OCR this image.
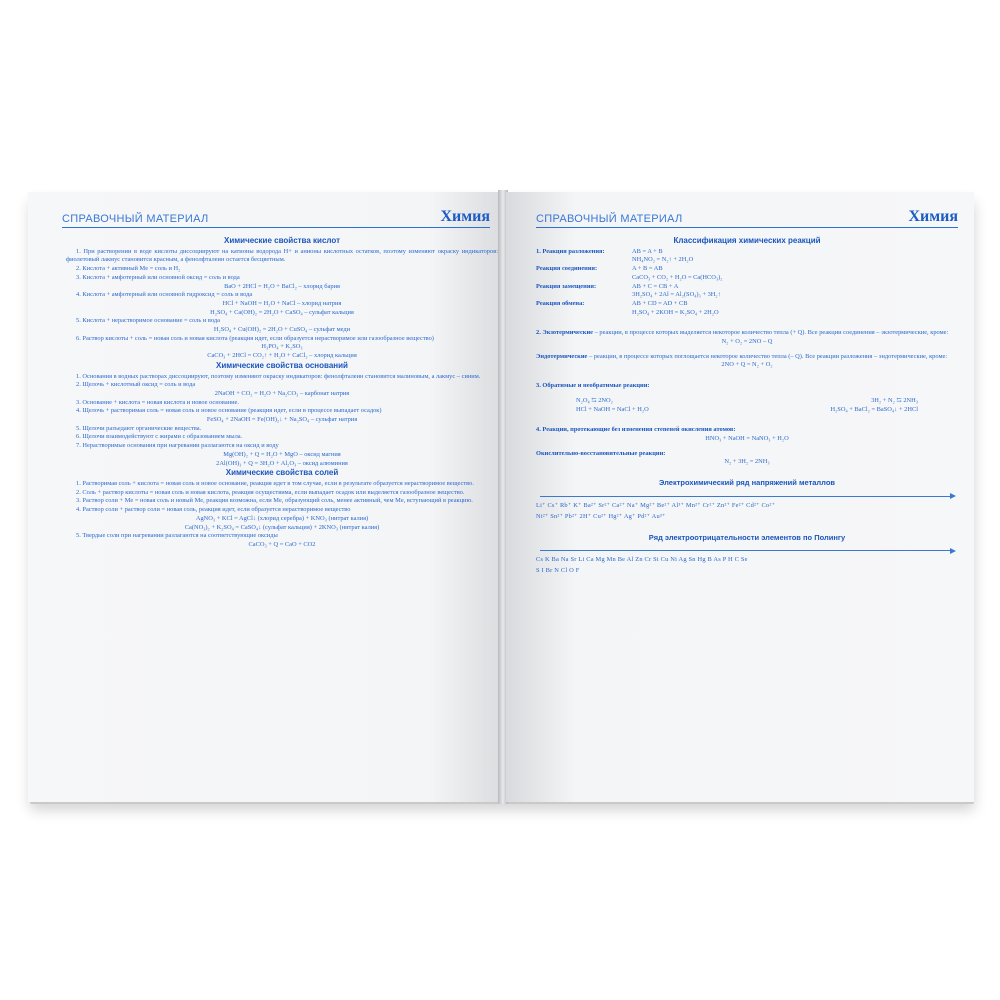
СПРАВОЧНЫЙ МАТЕРИАЛ	Химия
Химические свойства кислот
1. При растворении в воде кислоты диссоциируют на катионы водорода H+ и анионы кислотных остатков, поэтому изменяют окраску индикаторов: фиолетовый лакмус становится красным, а фенолфталеин остается бесцветным.
2. Кислота + активный Me = соль и H₂
3. Кислота + амфотерный или основной оксид = соль и вода
BaO + 2HCl = H₂O + BaCl₂ – хлорид бария
4. Кислота + амфотерный или основной гидроксид = соль и вода
HCl + NaOH = H₂O + NaCl – хлорид натрия
H₂SO₄ + Ca(OH)₂ = 2H₂O + CaSO₄ – сульфат кальция
5. Кислота + нерастворимое основание = соль и вода
H₂SO₄ + Cu(OH)₂ = 2H₂O + CuSO₄ – сульфат меди
6. Раствор кислоты + соль = новая соль и новая кислота (реакция идет, если образуется нерастворимое или газообразное вещество)
H₃PO₄ + K₂SO₃
CaCO₃ + 2HCl = CO₂↑ + H₂O + CaCl₂ – хлорид кальция
Химические свойства оснований
1. Основания в водных растворах диссоциируют, поэтому изменяют окраску индикаторов: фенолфталеин становится малиновым, а лакмус – синим.
2. Щелочь + кислотный оксид = соль и вода
2NaOH + CO₂ = H₂O + Na₂CO₃ – карбонат натрия
3. Основание + кислота = новая кислота и новое основание.
4. Щелочь + растворимая соль = новая соль и новое основание (реакция идет, если в процессе выпадает осадок)
FeSO₄ + 2NaOH = Fe(OH)₂↓ + Na₂SO₄ – сульфат натрия
5. Щелочи разъедают органические вещества.
6. Щелочи взаимодействуют с жирами с образованием мыла.
7. Нерастворимые основания при нагревании разлагаются на оксид и воду
Mg(OH)₂ + Q = H₂O + MgO – оксид магния
2Al(OH)₃ + Q = 3H₂O + Al₂O₃ – оксид алюминия
Химические свойства солей
1. Растворимая соль + кислота = новая соль и новое основание, реакция идет в том случае, если в результате образуется нерастворимое вещество.
2. Соль + раствор кислоты = новая соль и новая кислота, реакция осуществима, если выпадает осадок или выделяется газообразное вещество.
3. Раствор соли + Me = новая соль и новый Me, реакция возможна, если Me, образующий соль, менее активный, чем Me, вступающий в реакцию.
4. Раствор соли + раствор соли = новая соль, реакция идет, если образуется нерастворимое вещество
AgNO₃ + KCl = AgCl↓ (хлорид серебра) + KNO₃ (нитрат калия)
Ca(NO₃)₂ + K₂SO₄ = CaSO₄↓ (сульфат кальция) + 2KNO₃ (нитрат калия)
5. Твердые соли при нагревании разлагаются на соответствующие оксиды
CaCO₃ + Q = CaO + CO2
СПРАВОЧНЫЙ МАТЕРИАЛ	Химия
Классификация химических реакций
1. Реакция разложения:	AB = A + B
NH₄NO₂ = N₂↑ + 2H₂O
Реакция соединения:	A + B = AB
CaCO₃ + CO₂ + H₂O = Ca(HCO₃)₂
Реакция замещения:	AB + C = CB + A
3H₂SO₄ + 2Al = Al₂(SO₄)₃ + 3H₂↑
Реакция обмена:	AB + CD = AD + CB
H₂SO₄ + 2KOH = K₂SO₄ + 2H₂O
2. Экзотермические – реакции, в процессе которых выделяется некоторое количество тепла (+ Q). Все реакции соединения – экзотермические, кроме:
N₂ + O₂ = 2NO – Q
Эндотермические – реакции, в процессе которых поглощается некоторое количество тепла (– Q). Все реакции разложения – эндотермические, кроме:
2NO + Q = N₂ + O₂
3. Обратимые и необратимые реакции:
N₂O₄ ⇆ 2NO₂	3H₂ + N₂ ⇆ 2NH₃
HCl + NaOH = NaCl + H₂O	H₂SO₄ + BaCl₂ = BaSO₄↓ + 2HCl
4. Реакции, протекающие без изменения степеней окисления атомов:
HNO₃ + NaOH = NaNO₃ + H₂O
Окислительно-восстановительные реакции:
N₂ + 3H₂ = 2NH₃
Электрохимический ряд напряжений металлов
Li⁺ Cs⁺ Rb⁺ K⁺ Ba²⁺ Sr²⁺ Ca²⁺ Na⁺ Mg²⁺ Be²⁺ Al³⁺ Mn²⁺ Cr²⁺ Zn²⁺ Fe²⁺ Cd²⁺ Co²⁺
Ni²⁺ Sn²⁺ Pb²⁺ 2H⁺ Cu²⁺ Hg²⁺ Ag⁺ Pd²⁺ Au³⁺
Ряд электроотрицательности элементов по Полингу
Cs K Ba Na Sr Li Ca Mg Mn Be Al Zn Cr Si Cu Ni Ag Sn Hg B As P H C Se
S I Br N Cl O F
